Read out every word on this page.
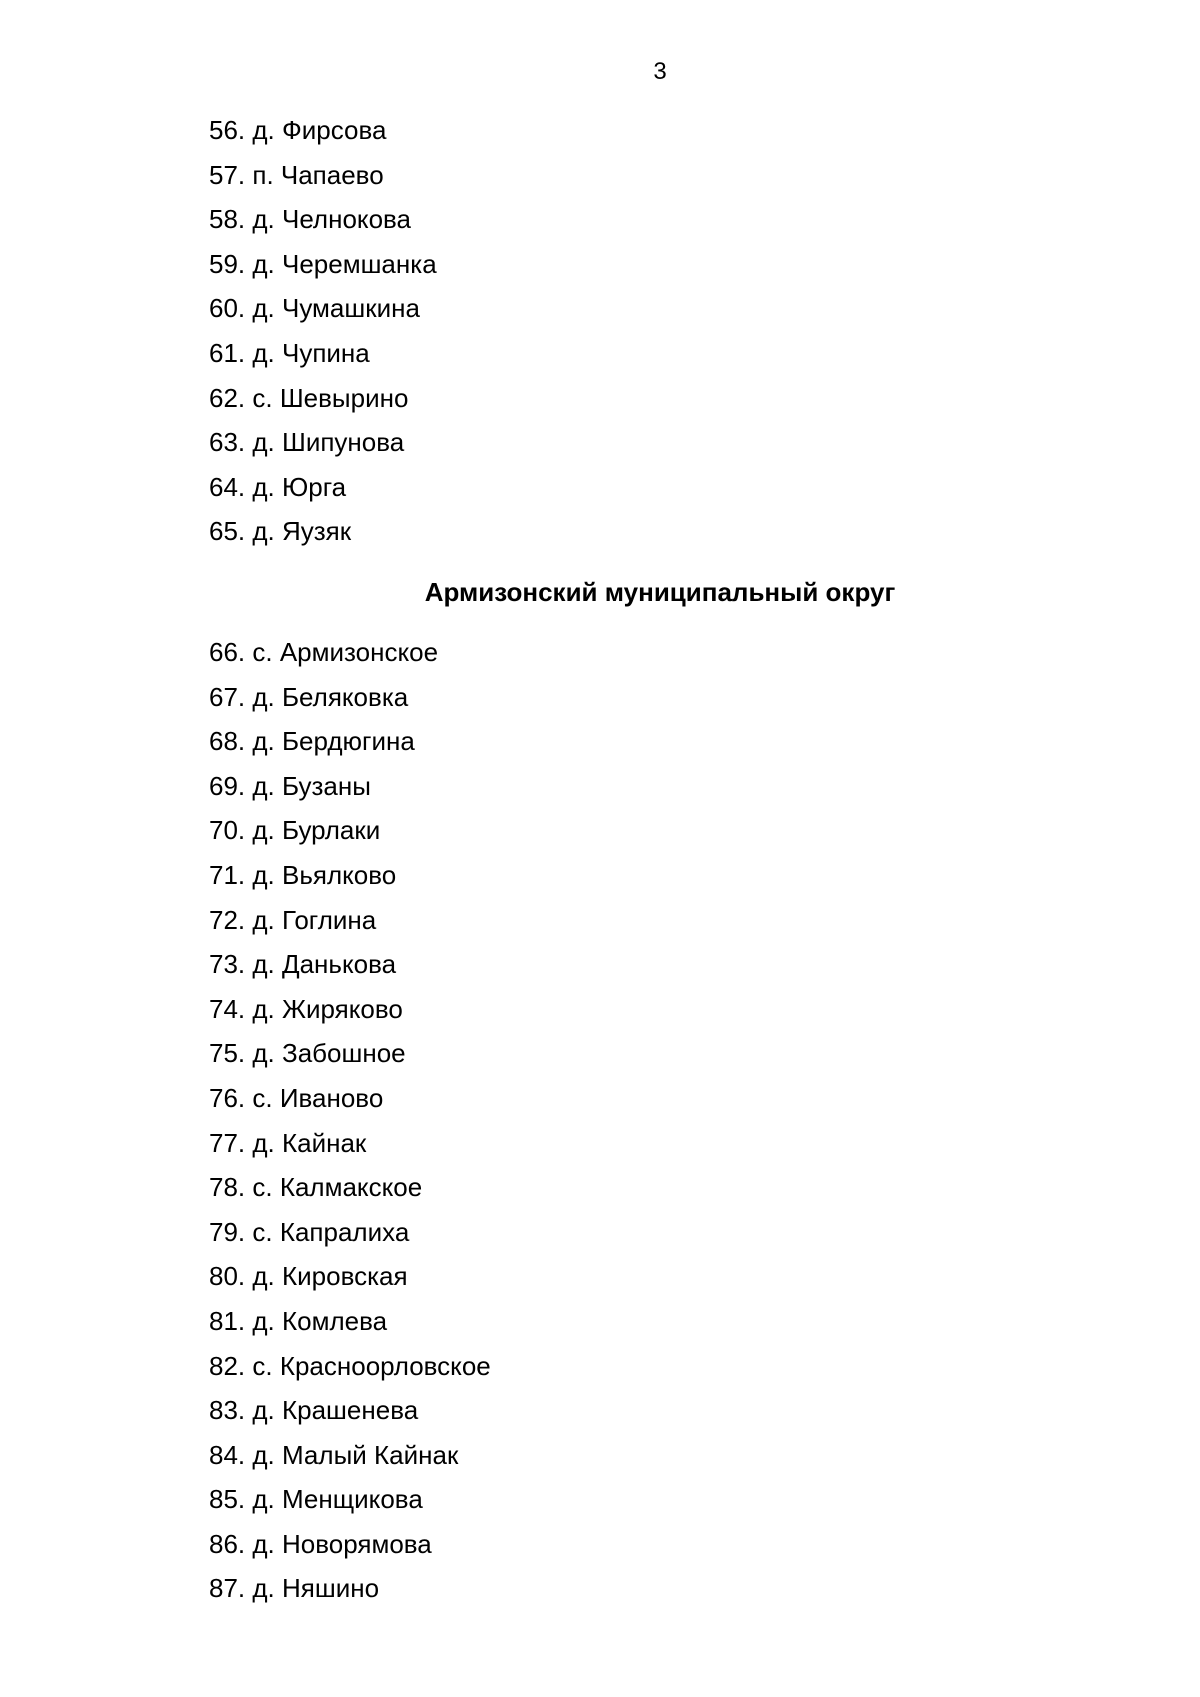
3
56. д. Фирсова
57. п. Чапаево
58. д. Челнокова
59. д. Черемшанка
60. д. Чумашкина
61. д. Чупина
62. с. Шевырино
63. д. Шипунова
64. д. Юрга
65. д. Яузяк
Армизонский муниципальный округ
66. с. Армизонское
67. д. Беляковка
68. д. Бердюгина
69. д. Бузаны
70. д. Бурлаки
71. д. Вьялково
72. д. Гоглина
73. д. Данькова
74. д. Жиряково
75. д. Забошное
76. с. Иваново
77. д. Кайнак
78. с. Калмакское
79. с. Капралиха
80. д. Кировская
81. д. Комлева
82. с. Красноорловское
83. д. Крашенева
84. д. Малый Кайнак
85. д. Менщикова
86. д. Новорямова
87. д. Няшино
